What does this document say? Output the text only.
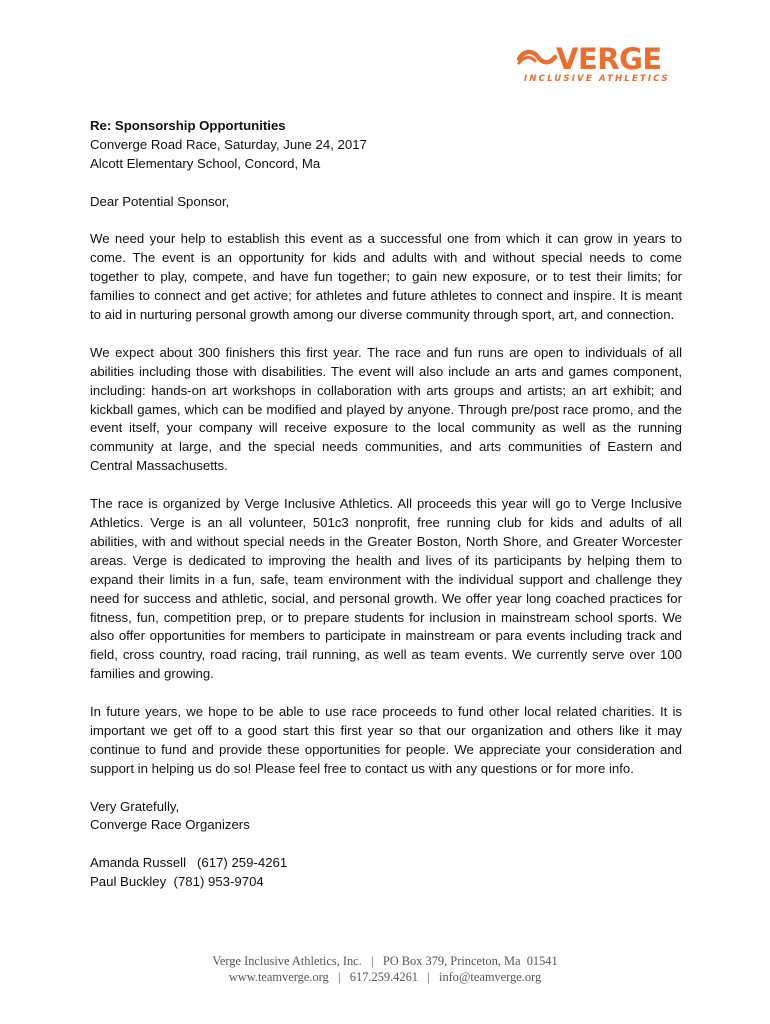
VERGE
INCLUSIVE ATHLETICS

Re: Sponsorship Opportunities

Converge Road Race, Saturday, June 24, 2017

Alcott Elementary School, Concord, Ma

Dear Potential Sponsor,

We need your help to establish this event as a successful one from which it can grow in years to come. The event is an opportunity for kids and adults with and without special needs to come together to play, compete, and have fun together; to gain new exposure, or to test their limits; for families to connect and get active; for athletes and future athletes to connect and inspire. It is meant to aid in nurturing personal growth among our diverse community through sport, art, and connection.

We expect about 300 finishers this first year. The race and fun runs are open to individuals of all abilities including those with disabilities. The event will also include an arts and games component, including: hands-on art workshops in collaboration with arts groups and artists; an art exhibit; and kickball games, which can be modified and played by anyone. Through pre/post race promo, and the event itself, your company will receive exposure to the local community as well as the running community at large, and the special needs communities, and arts communities of Eastern and Central Massachusetts.

The race is organized by Verge Inclusive Athletics. All proceeds this year will go to Verge Inclusive Athletics. Verge is an all volunteer, 501c3 nonprofit, free running club for kids and adults of all abilities, with and without special needs in the Greater Boston, North Shore, and Greater Worcester areas. Verge is dedicated to improving the health and lives of its participants by helping them to expand their limits in a fun, safe, team environment with the individual support and challenge they need for success and athletic, social, and personal growth. We offer year long coached practices for fitness, fun, competition prep, or to prepare students for inclusion in mainstream school sports. We also offer opportunities for members to participate in mainstream or para events including track and field, cross country, road racing, trail running, as well as team events. We currently serve over 100 families and growing.

In future years, we hope to be able to use race proceeds to fund other local related charities. It is important we get off to a good start this first year so that our organization and others like it may continue to fund and provide these opportunities for people. We appreciate your consideration and support in helping us do so! Please feel free to contact us with any questions or for more info.

Very Gratefully,

Converge Race Organizers

Amanda Russell   (617) 259-4261

Paul Buckley  (781) 953-9704

Verge Inclusive Athletics, Inc.   |   PO Box 379, Princeton, Ma  01541
www.teamverge.org   |   617.259.4261   |   info@teamverge.org
